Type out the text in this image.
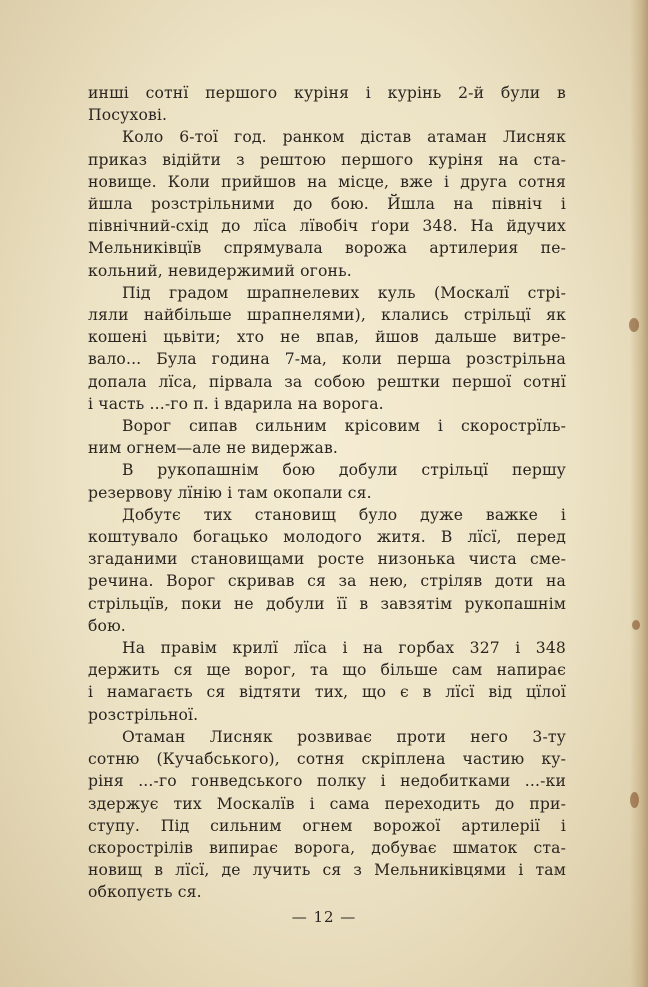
инші сотнї першого куріня і курінь 2-й були в
Посухові.
Коло 6-тої год. ранком дістав атаман Лисняк
приказ відійти з рештою першого куріня на ста-
новище. Коли прийшов на місце, вже і друга сотня
йшла розстрільними до бою. Йшла на північ і
північний-схід до лїса лївобіч ґори 348. На йдучих
Мельниківцїв спрямувала ворожа артилерия пе-
кольний, невидержимий огонь.
Під градом шрапнелевих куль (Москалї стрі-
ляли найбільше шрапнелями), клались стрільцї як
кошені цьвіти; хто не впав, йшов дальше витре-
вало... Була година 7-ма, коли перша розстрільна
допала лїса, пірвала за собою рештки першої сотнї
і часть ...-го п. і вдарила на ворога.
Ворог сипав сильним крісовим і скорострїль-
ним огнем—але не видержав.
В рукопашнім бою добули стрільцї першу
резервову лїнію і там окопали ся.
Добутє тих становищ було дуже важке і
коштувало богацько молодого житя. В лїсї, перед
згаданими становищами росте низонька чиста сме-
речина. Ворог скривав ся за нею, стріляв доти на
стрільцїв, поки не добули її в завзятім рукопашнім
бою.
На правім крилї лїса і на горбах 327 і 348
держить ся ще ворог, та що більше сам напирає
і намагаєть ся відтяти тих, що є в лїсї від цїлої
розстрільної.
Отаман Лисняк розвиває проти него 3-ту
сотню (Кучабського), сотня скріплена частию ку-
ріня ...-го гонведського полку і недобитками ...-ки
здержує тих Москалїв і сама переходить до при-
ступу. Під сильним огнем ворожої артилерії і
скорострілів випирає ворога, добуває шматок ста-
новищ в лїсї, де лучить ся з Мельниківцями і там
обкопуєть ся.
— 12 —
